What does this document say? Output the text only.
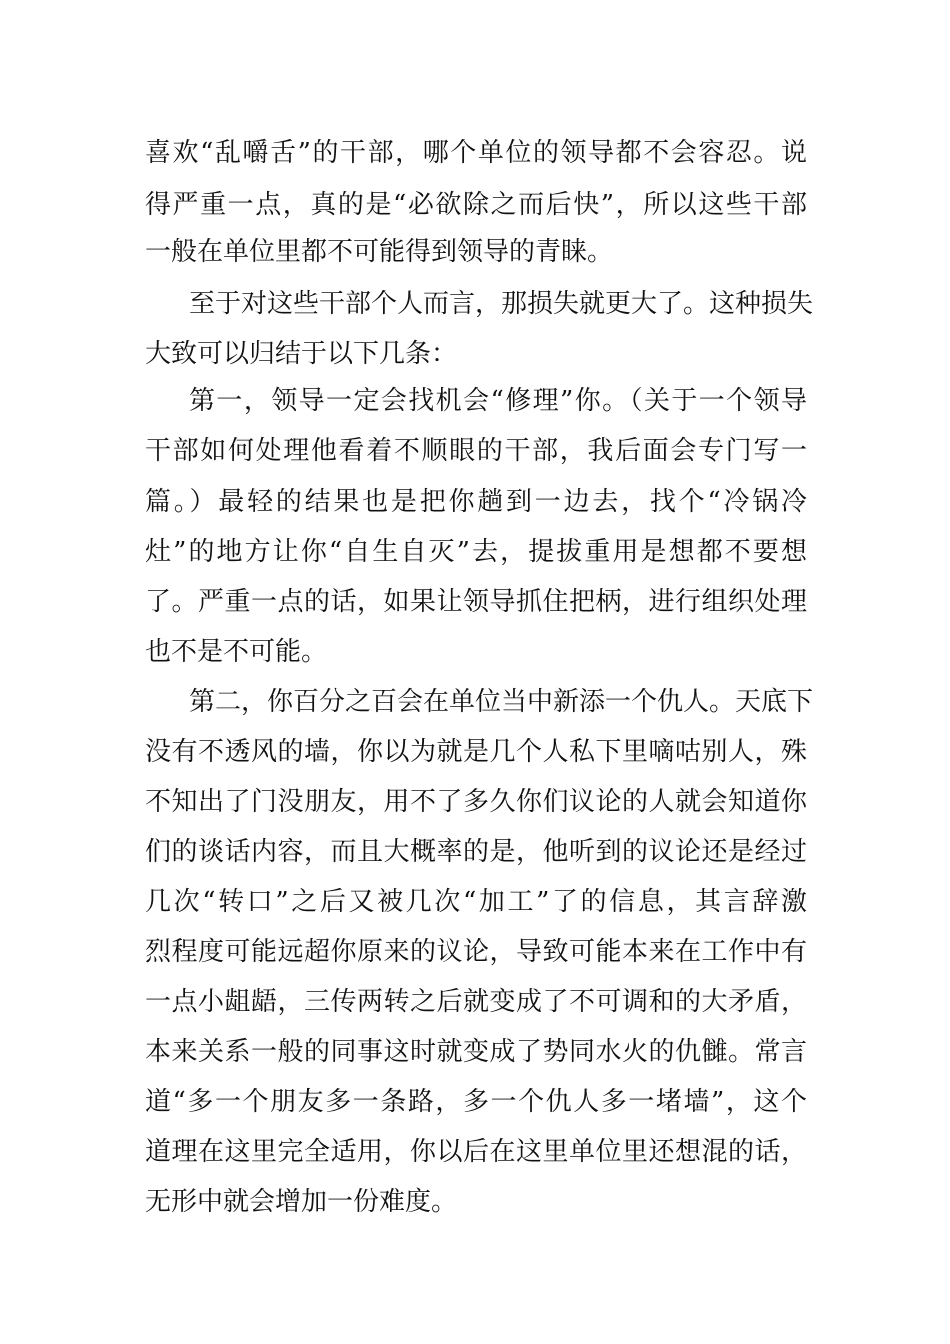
喜欢“乱嚼舌”的干部，哪个单位的领导都不会容忍。说
得严重一点，真的是“必欲除之而后快”，所以这些干部
一般在单位里都不可能得到领导的青睐。
至于对这些干部个人而言，那损失就更大了。这种损失
大致可以归结于以下几条：
第一，领导一定会找机会“修理”你。（关于一个领导
干部如何处理他看着不顺眼的干部，我后面会专门写一
篇。）最轻的结果也是把你趟到一边去，找个“冷锅冷
灶”的地方让你“自生自灭”去，提拔重用是想都不要想
了。严重一点的话，如果让领导抓住把柄，进行组织处理
也不是不可能。
第二，你百分之百会在单位当中新添一个仇人。天底下
没有不透风的墙，你以为就是几个人私下里嘀咕别人，殊
不知出了门没朋友，用不了多久你们议论的人就会知道你
们的谈话内容，而且大概率的是，他听到的议论还是经过
几次“转口”之后又被几次“加工”了的信息，其言辞激
烈程度可能远超你原来的议论，导致可能本来在工作中有
一点小龃龉，三传两转之后就变成了不可调和的大矛盾，
本来关系一般的同事这时就变成了势同水火的仇雠。常言
道“多一个朋友多一条路，多一个仇人多一堵墙”，这个
道理在这里完全适用，你以后在这里单位里还想混的话，
无形中就会增加一份难度。
